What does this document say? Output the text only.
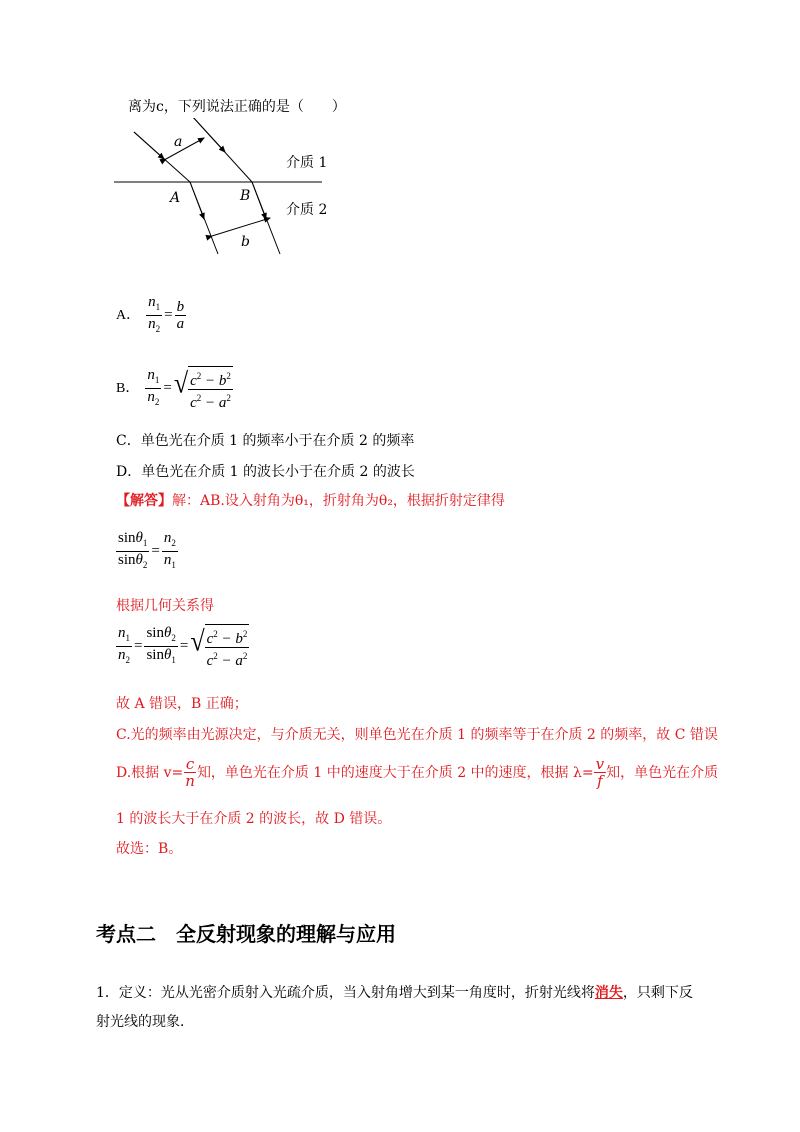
离为c，下列说法正确的是（　　）
a
A	B
b
介质 1
介质 2
A． $\frac{n_1}{n_2} = \frac{b}{a}$
B． $\frac{n_1}{n_2}$ = √ $\frac{c^2 - b^2}{c^2 - a^2}$
C．单色光在介质 1 的频率小于在介质 2 的频率
D．单色光在介质 1 的波长小于在介质 2 的波长
【解答】解：AB.设入射角为θ₁，折射角为θ₂，根据折射定律得
$\frac{\sin\theta_1}{\sin\theta_2} = \frac{n_2}{n_1}$
根据几何关系得
$\frac{n_1}{n_2} = \frac{\sin\theta_2}{\sin\theta_1}$ = √ $\frac{c^2 - b^2}{c^2 - a^2}$
故 A 错误，B 正确；
C.光的频率由光源决定，与介质无关，则单色光在介质 1 的频率等于在介质 2 的频率，故 C 错误
D.根据 $v= \frac{c}{n}$ 知，单色光在介质 1 中的速度大于在介质 2 中的速度，根据 $\lambda= \frac{v}{f}$ 知，单色光在介质
1 的波长大于在介质 2 的波长，故 D 错误。
故选：B。
考点二　全反射现象的理解与应用
1．定义：光从光密介质射入光疏介质，当入射角增大到某一角度时，折射光线将消失，只剩下反
射光线的现象．
